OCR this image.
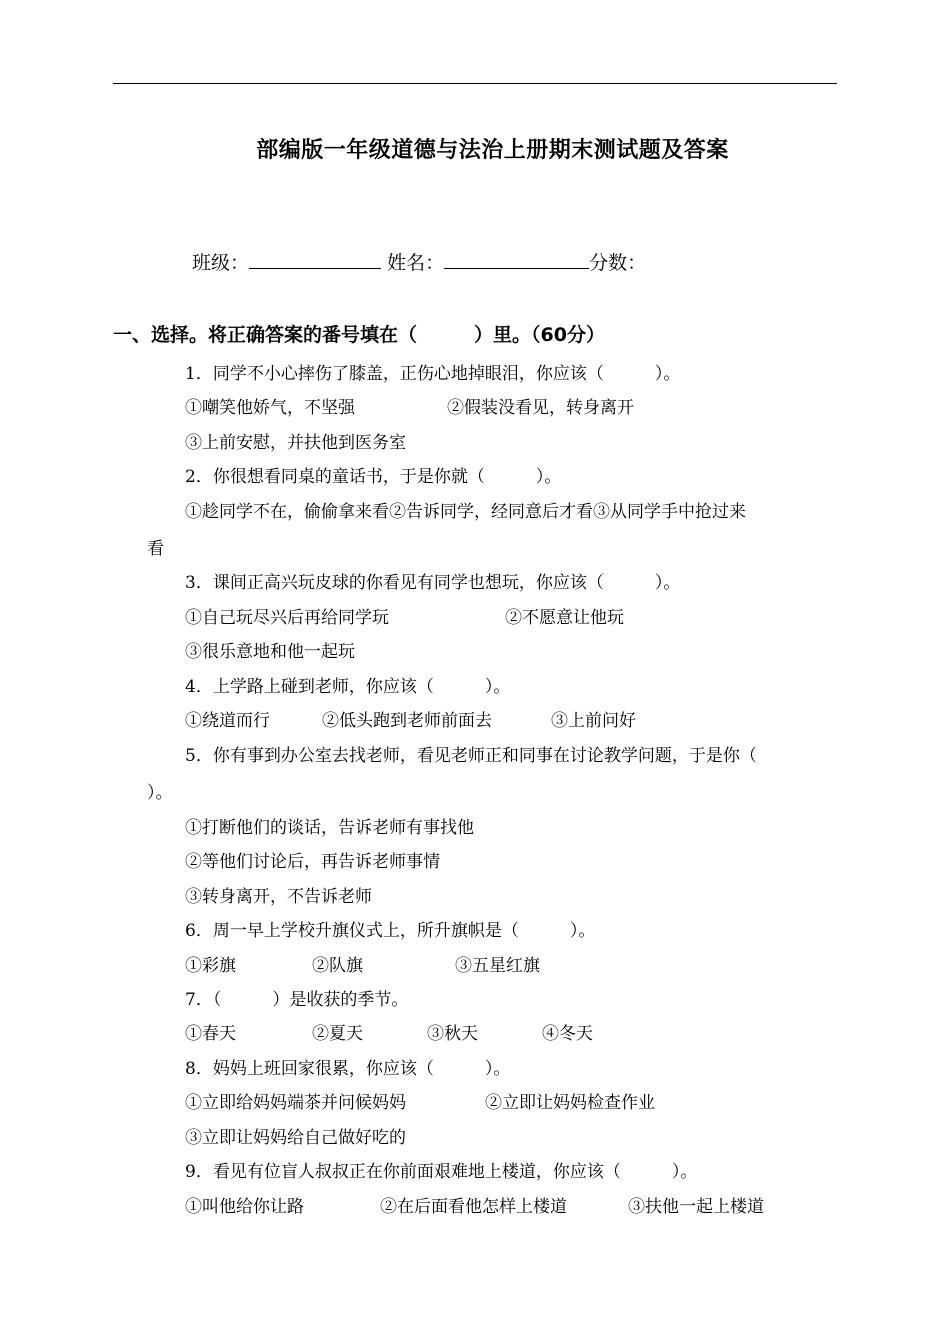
部编版一年级道德与法治上册期末测试题及答案
班级：	姓名：	分数：
一、选择。将正确答案的番号填在（　　　）里。（60分）
1．同学不小心摔伤了膝盖，正伤心地掉眼泪，你应该（　　　）。
①嘲笑他娇气，不坚强	②假装没看见，转身离开
③上前安慰，并扶他到医务室
2．你很想看同桌的童话书，于是你就（　　　）。
①趁同学不在，偷偷拿来看②告诉同学，经同意后才看③从同学手中抢过来
看
3．课间正高兴玩皮球的你看见有同学也想玩，你应该（　　　）。
①自己玩尽兴后再给同学玩	②不愿意让他玩
③很乐意地和他一起玩
4．上学路上碰到老师，你应该（　　　）。
①绕道而行	②低头跑到老师前面去	③上前问好
5．你有事到办公室去找老师，看见老师正和同事在讨论教学问题，于是你（
）。
①打断他们的谈话，告诉老师有事找他
②等他们讨论后，再告诉老师事情
③转身离开，不告诉老师
6．周一早上学校升旗仪式上，所升旗帜是（　　　）。
①彩旗	②队旗	③五星红旗
7．（　　　）是收获的季节。
①春天	②夏天	③秋天	④冬天
8．妈妈上班回家很累，你应该（　　　）。
①立即给妈妈端茶并问候妈妈	②立即让妈妈检查作业
③立即让妈妈给自己做好吃的
9．看见有位盲人叔叔正在你前面艰难地上楼道，你应该（　　　）。
①叫他给你让路	②在后面看他怎样上楼道	③扶他一起上楼道
